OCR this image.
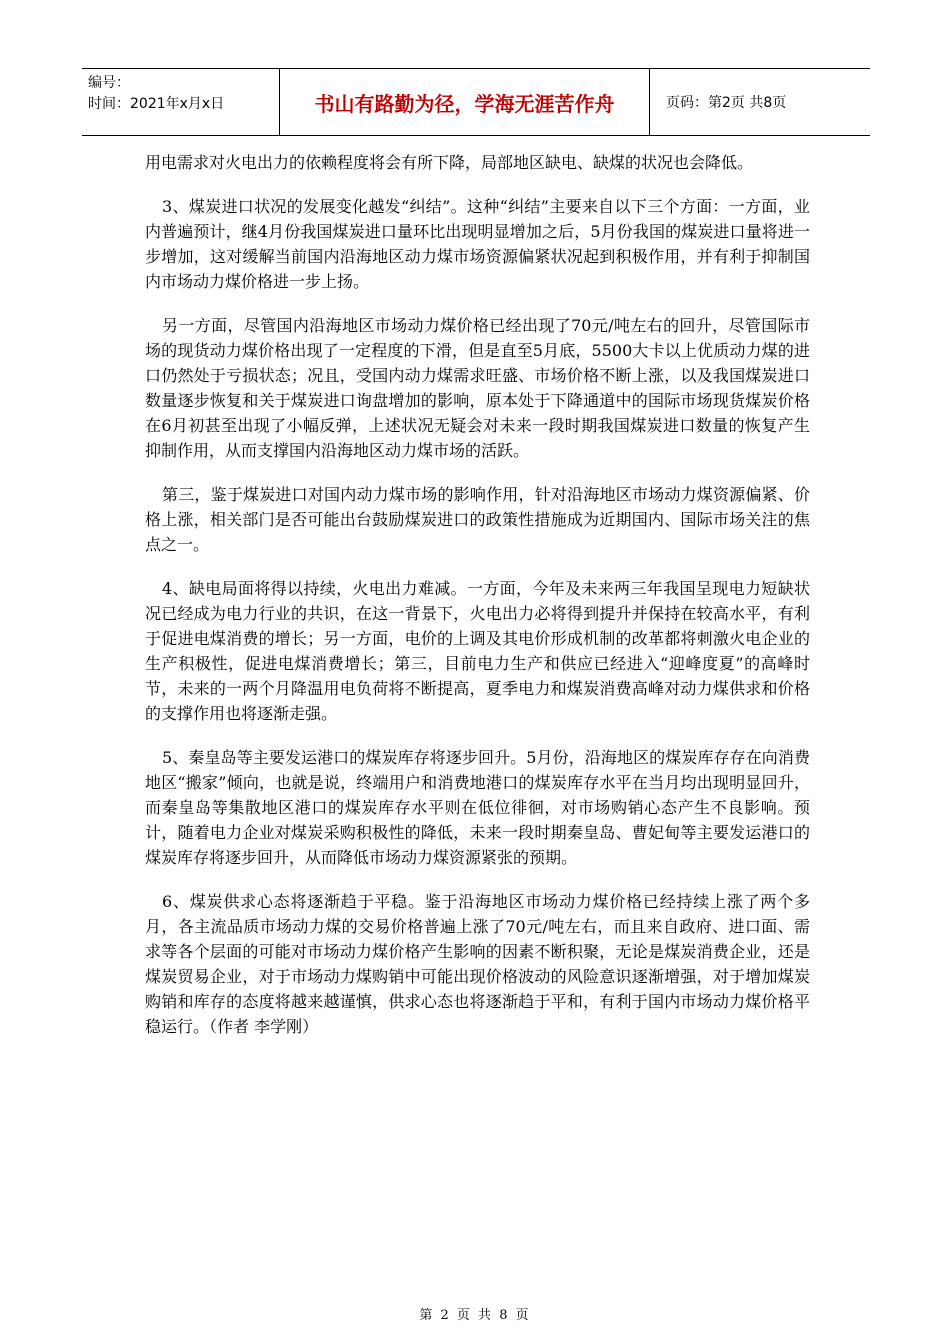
编号：
时间：2021年x月x日	书山有路勤为径，学海无涯苦作舟	页码：第2页 共8页

用电需求对火电出力的依赖程度将会有所下降，局部地区缺电、缺煤的状况也会降低。

3、煤炭进口状况的发展变化越发“纠结”。这种“纠结”主要来自以下三个方面：一方面，业内普遍预计，继4月份我国煤炭进口量环比出现明显增加之后，5月份我国的煤炭进口量将进一步增加，这对缓解当前国内沿海地区动力煤市场资源偏紧状况起到积极作用，并有利于抑制国内市场动力煤价格进一步上扬。

另一方面，尽管国内沿海地区市场动力煤价格已经出现了70元/吨左右的回升，尽管国际市场的现货动力煤价格出现了一定程度的下滑，但是直至5月底，5500大卡以上优质动力煤的进口仍然处于亏损状态；况且，受国内动力煤需求旺盛、市场价格不断上涨，以及我国煤炭进口数量逐步恢复和关于煤炭进口询盘增加的影响，原本处于下降通道中的国际市场现货煤炭价格在6月初甚至出现了小幅反弹，上述状况无疑会对未来一段时期我国煤炭进口数量的恢复产生抑制作用，从而支撑国内沿海地区动力煤市场的活跃。

第三，鉴于煤炭进口对国内动力煤市场的影响作用，针对沿海地区市场动力煤资源偏紧、价格上涨，相关部门是否可能出台鼓励煤炭进口的政策性措施成为近期国内、国际市场关注的焦点之一。

4、缺电局面将得以持续，火电出力难减。一方面，今年及未来两三年我国呈现电力短缺状况已经成为电力行业的共识，在这一背景下，火电出力必将得到提升并保持在较高水平，有利于促进电煤消费的增长；另一方面，电价的上调及其电价形成机制的改革都将刺激火电企业的生产积极性，促进电煤消费增长；第三，目前电力生产和供应已经进入“迎峰度夏”的高峰时节，未来的一两个月降温用电负荷将不断提高，夏季电力和煤炭消费高峰对动力煤供求和价格的支撑作用也将逐渐走强。

5、秦皇岛等主要发运港口的煤炭库存将逐步回升。5月份，沿海地区的煤炭库存存在向消费地区“搬家”倾向，也就是说，终端用户和消费地港口的煤炭库存水平在当月均出现明显回升，而秦皇岛等集散地区港口的煤炭库存水平则在低位徘徊，对市场购销心态产生不良影响。预计，随着电力企业对煤炭采购积极性的降低，未来一段时期秦皇岛、曹妃甸等主要发运港口的煤炭库存将逐步回升，从而降低市场动力煤资源紧张的预期。

6、煤炭供求心态将逐渐趋于平稳。鉴于沿海地区市场动力煤价格已经持续上涨了两个多月，各主流品质市场动力煤的交易价格普遍上涨了70元/吨左右，而且来自政府、进口面、需求等各个层面的可能对市场动力煤价格产生影响的因素不断积聚，无论是煤炭消费企业，还是煤炭贸易企业，对于市场动力煤购销中可能出现价格波动的风险意识逐渐增强，对于增加煤炭购销和库存的态度将越来越谨慎，供求心态也将逐渐趋于平和，有利于国内市场动力煤价格平稳运行。（作者 李学刚）

第 2 页 共 8 页
